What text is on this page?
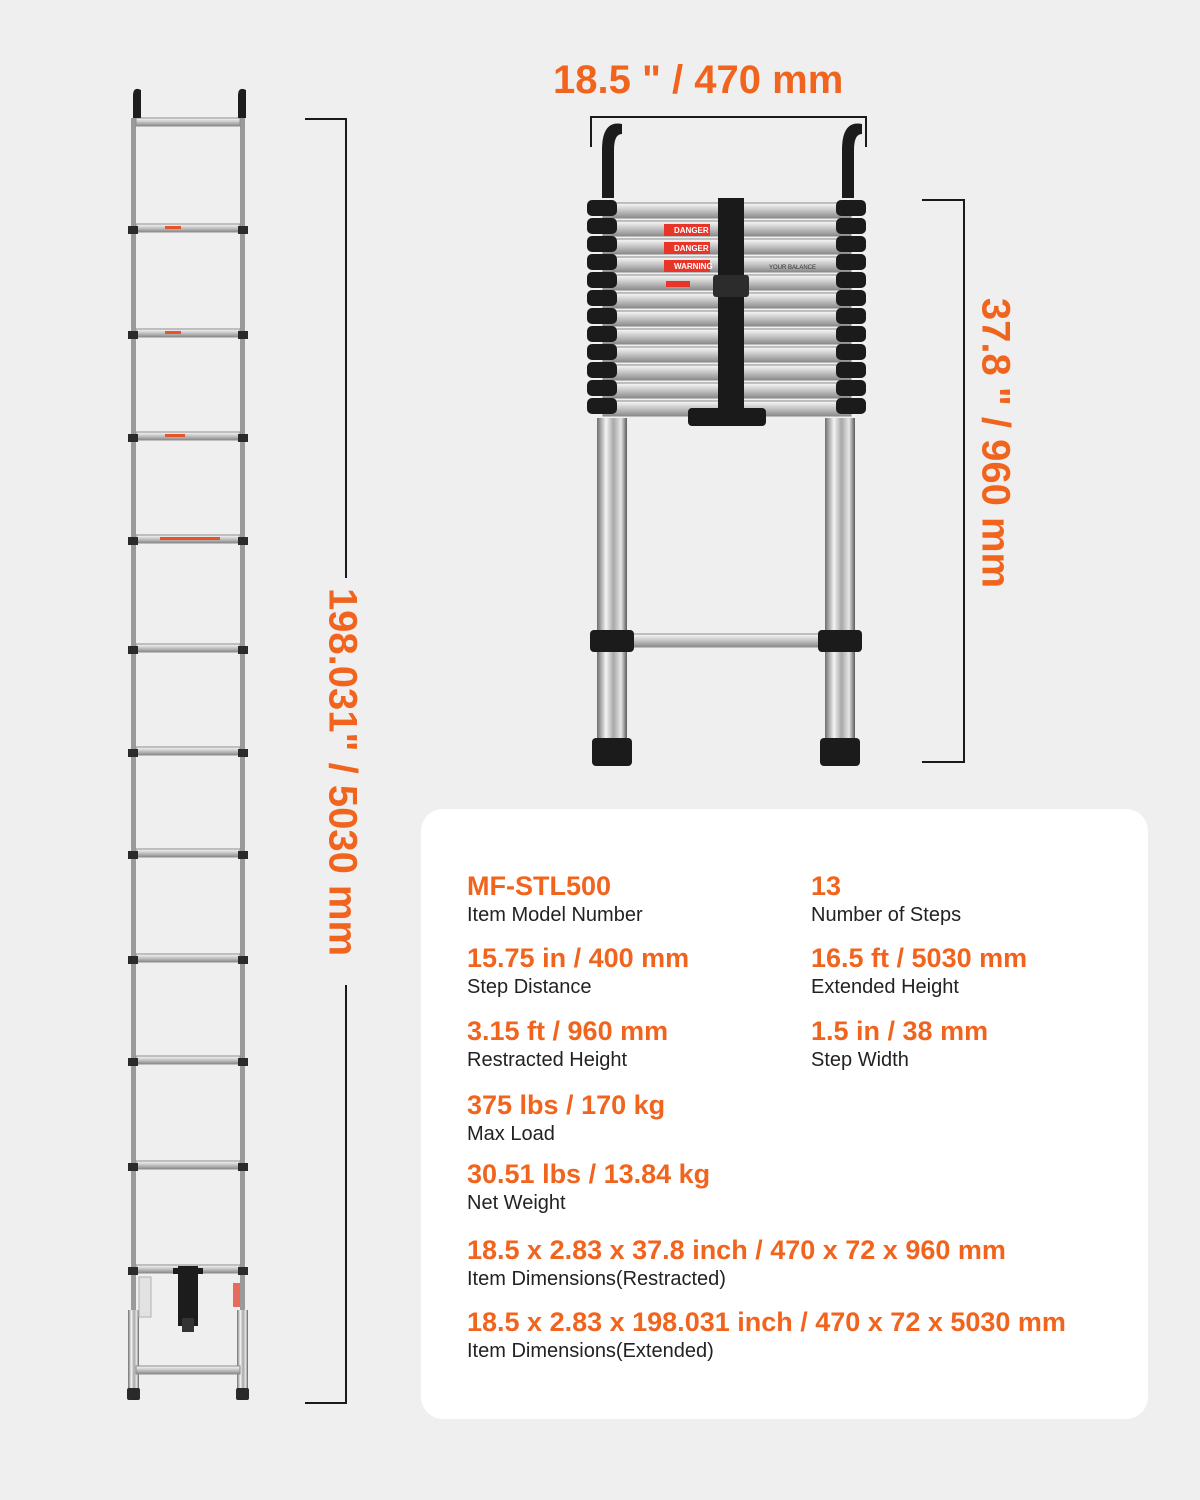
DANGER
DANGER
WARNING	YOUR BALANCE
18.5 " / 470 mm
37.8 " / 960 mm
198.031" / 5030 mm	MF-STL500
Item Model Number
13
Number of Steps
15.75 in / 400 mm
Step Distance
16.5 ft / 5030 mm
Extended Height
3.15 ft / 960 mm
Restracted Height
1.5 in / 38 mm
Step Width
375 lbs / 170 kg
Max Load
30.51 lbs / 13.84 kg
Net Weight
18.5 x 2.83 x 37.8 inch / 470 x 72 x 960 mm
Item Dimensions(Restracted)
18.5 x 2.83 x 198.031 inch / 470 x 72 x 5030 mm
Item Dimensions(Extended)
